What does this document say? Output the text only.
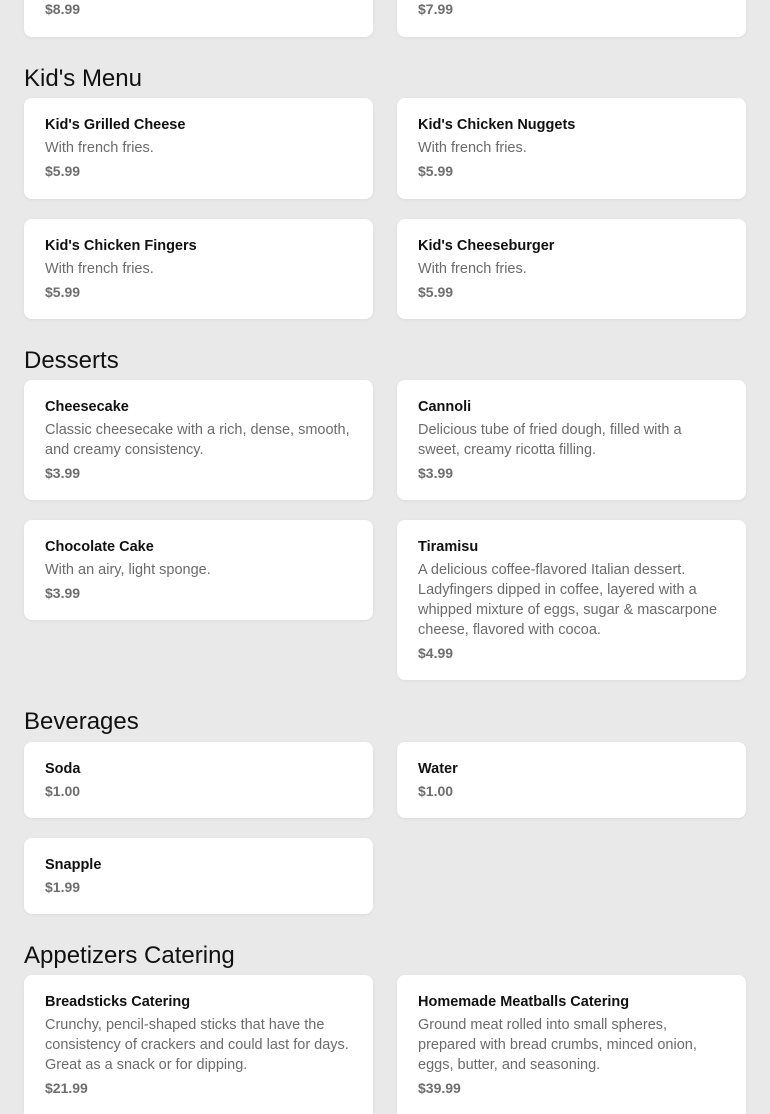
$8.99	$7.99
Kid's Menu
Kid's Grilled Cheese
With french fries.
$5.99
Kid's Chicken Nuggets
With french fries.
$5.99
Kid's Chicken Fingers
With french fries.
$5.99
Kid's Cheeseburger
With french fries.
$5.99
Desserts
Cheesecake
Classic cheesecake with a rich, dense, smooth, and creamy consistency.
$3.99
Cannoli
Delicious tube of fried dough, filled with a sweet, creamy ricotta filling.
$3.99
Chocolate Cake
With an airy, light sponge.
$3.99
Tiramisu
A delicious coffee-flavored Italian dessert. Ladyfingers dipped in coffee, layered with a whipped mixture of eggs, sugar & mascarpone cheese, flavored with cocoa.
$4.99
Beverages
Soda
$1.00
Water
$1.00
Snapple
$1.99
Appetizers Catering
Breadsticks Catering
Crunchy, pencil-shaped sticks that have the consistency of crackers and could last for days. Great as a snack or for dipping.
$21.99
Homemade Meatballs Catering
Ground meat rolled into small spheres, prepared with bread crumbs, minced onion, eggs, butter, and seasoning.
$39.99
